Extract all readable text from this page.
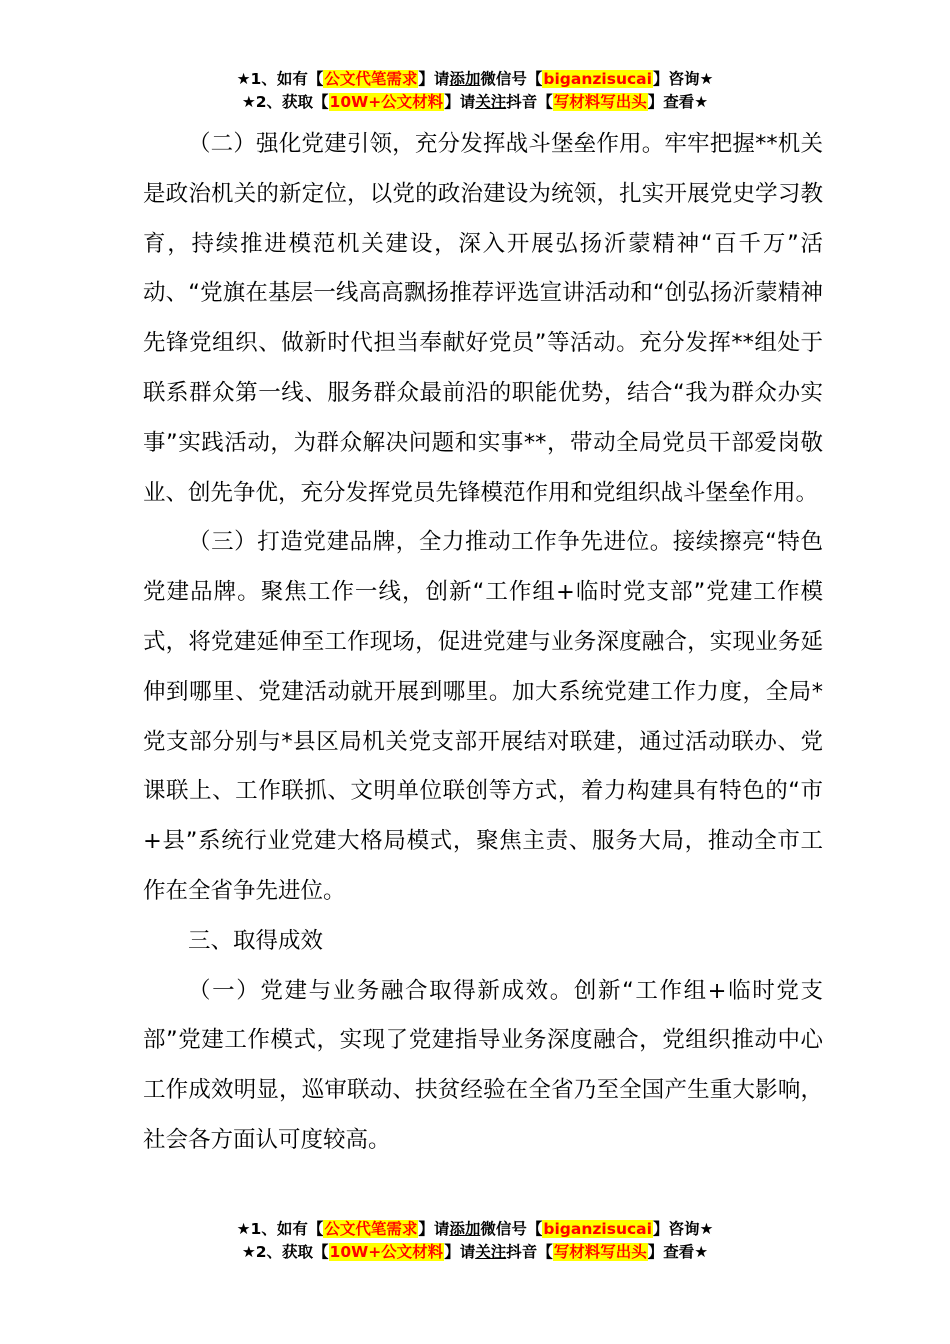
★1、如有【公文代笔需求】请添加微信号【biganzisucai】咨询★
★2、获取【10W+公文材料】请关注抖音【写材料写出头】查看★

（二）强化党建引领，充分发挥战斗堡垒作用。牢牢把握**机关是政治机关的新定位，以党的政治建设为统领，扎实开展党史学习教育，持续推进模范机关建设，深入开展弘扬沂蒙精神“百千万”活动、“党旗在基层一线高高飘扬推荐评选宣讲活动和“创弘扬沂蒙精神先锋党组织、做新时代担当奉献好党员”等活动。充分发挥**组处于联系群众第一线、服务群众最前沿的职能优势，结合“我为群众办实事”实践活动，为群众解决问题和实事**，带动全局党员干部爱岗敬业、创先争优，充分发挥党员先锋模范作用和党组织战斗堡垒作用。

（三）打造党建品牌，全力推动工作争先进位。接续擦亮“特色党建品牌。聚焦工作一线，创新“工作组+临时党支部”党建工作模式，将党建延伸至工作现场，促进党建与业务深度融合，实现业务延伸到哪里、党建活动就开展到哪里。加大系统党建工作力度，全局*党支部分别与*县区局机关党支部开展结对联建，通过活动联办、党课联上、工作联抓、文明单位联创等方式，着力构建具有特色的“市+县”系统行业党建大格局模式，聚焦主责、服务大局，推动全市工作在全省争先进位。

三、取得成效

（一）党建与业务融合取得新成效。创新“工作组+临时党支部”党建工作模式，实现了党建指导业务深度融合，党组织推动中心工作成效明显，巡审联动、扶贫经验在全省乃至全国产生重大影响，社会各方面认可度较高。

★1、如有【公文代笔需求】请添加微信号【biganzisucai】咨询★
★2、获取【10W+公文材料】请关注抖音【写材料写出头】查看★
